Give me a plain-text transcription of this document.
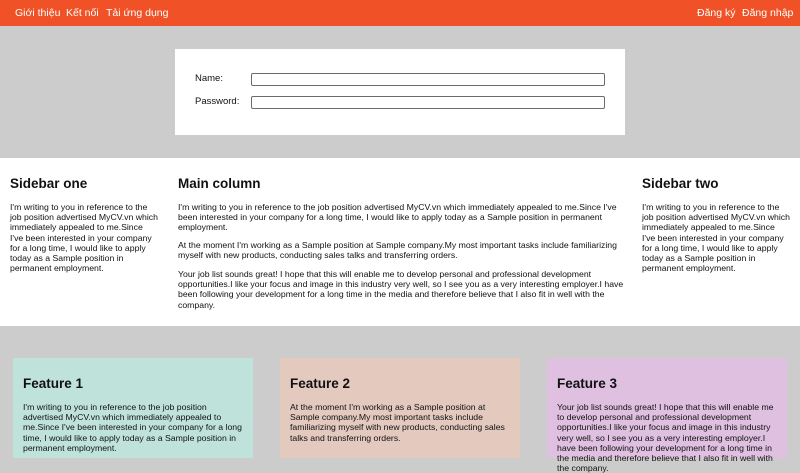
Giới thiệu Kết nối Tải ứng dụng	Đăng ký Đăng nhập
Name:
Password:
Sidebar one

I'm writing to you in reference to the job position advertised MyCV.vn which immediately appealed to me.Since I've been interested in your company for a long time, I would like to apply today as a Sample position in permanent employment.

Main column

I'm writing to you in reference to the job position advertised MyCV.vn which immediately appealed to me.Since I've been interested in your company for a long time, I would like to apply today as a Sample position in permanent employment.

At the moment I'm working as a Sample position at Sample company.My most important tasks include familiarizing myself with new products, conducting sales talks and transferring orders.

Your job list sounds great! I hope that this will enable me to develop personal and professional development opportunities.I like your focus and image in this industry very well, so I see you as a very interesting employer.I have been following your development for a long time in the media and therefore believe that I also fit in well with the company.

Sidebar two

I'm writing to you in reference to the job position advertised MyCV.vn which immediately appealed to me.Since I've been interested in your company for a long time, I would like to apply today as a Sample position in permanent employment.

Feature 1

I'm writing to you in reference to the job position advertised MyCV.vn which immediately appealed to me.Since I've been interested in your company for a long time, I would like to apply today as a Sample position in permanent employment.

Feature 2

At the moment I'm working as a Sample position at Sample company.My most important tasks include familiarizing myself with new products, conducting sales talks and transferring orders.

Feature 3

Your job list sounds great! I hope that this will enable me to develop personal and professional development opportunities.I like your focus and image in this industry very well, so I see you as a very interesting employer.I have been following your development for a long time in the media and therefore believe that I also fit in well with the company.
